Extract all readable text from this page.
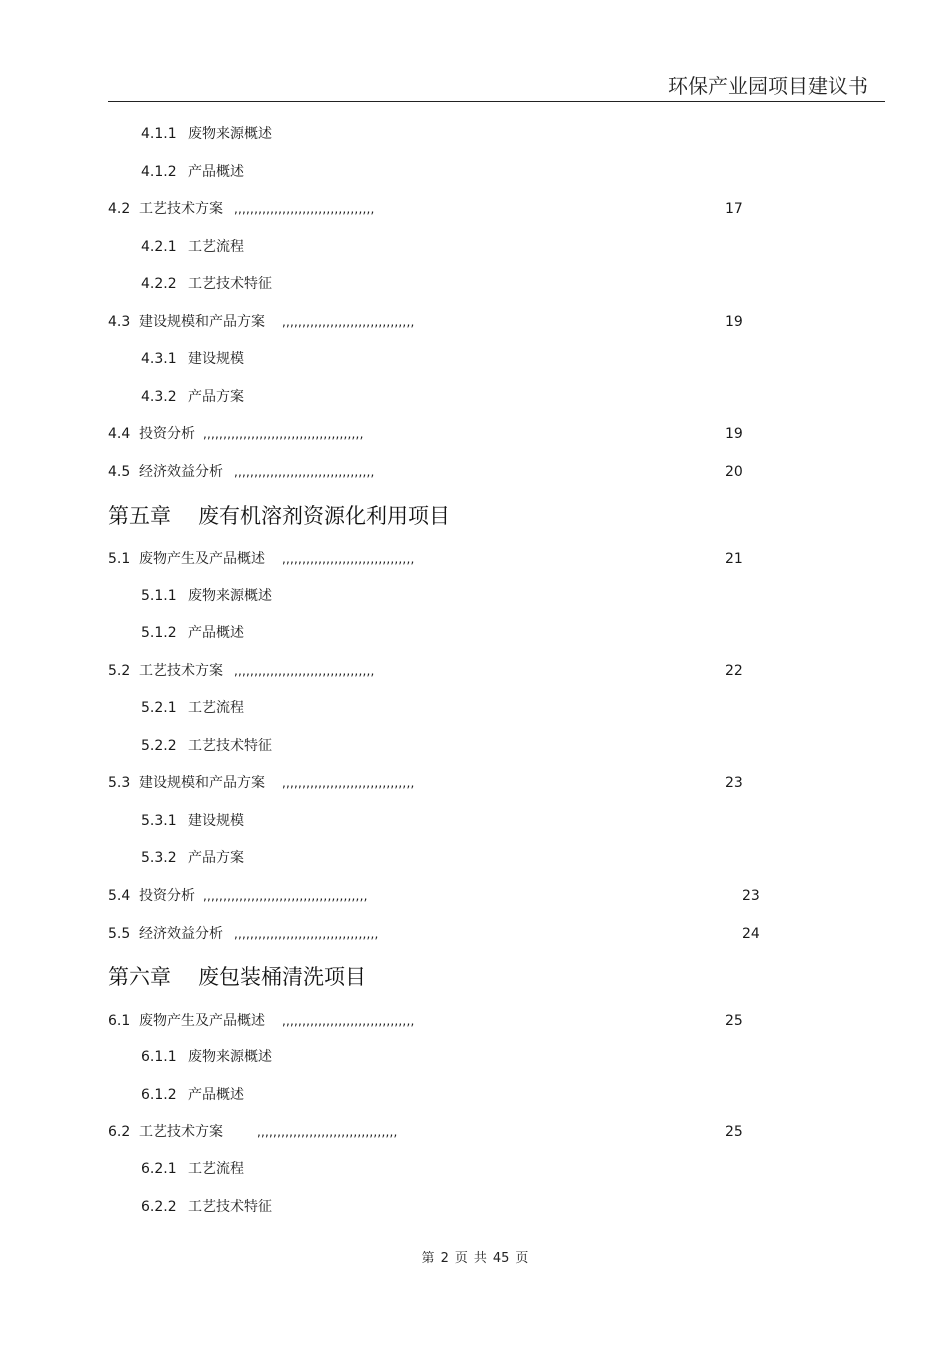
环保产业园项目建议书
4.1.1 废物来源概述
4.1.2 产品概述
4.2 工艺技术方案 ,,,,,,,,,,,,,,,,,,,,,,,,,,,,,,,,,,,	17
4.2.1 工艺流程
4.2.2 工艺技术特征
4.3 建设规模和产品方案 ,,,,,,,,,,,,,,,,,,,,,,,,,,,,,,,,,	19
4.3.1 建设规模
4.3.2 产品方案
4.4 投资分析 ,,,,,,,,,,,,,,,,,,,,,,,,,,,,,,,,,,,,,,,,	19
4.5 经济效益分析 ,,,,,,,,,,,,,,,,,,,,,,,,,,,,,,,,,,,	20
第五章 废有机溶剂资源化利用项目
5.1 废物产生及产品概述 ,,,,,,,,,,,,,,,,,,,,,,,,,,,,,,,,,	21
5.1.1 废物来源概述
5.1.2 产品概述
5.2 工艺技术方案 ,,,,,,,,,,,,,,,,,,,,,,,,,,,,,,,,,,,	22
5.2.1 工艺流程
5.2.2 工艺技术特征
5.3 建设规模和产品方案 ,,,,,,,,,,,,,,,,,,,,,,,,,,,,,,,,,	23
5.3.1 建设规模
5.3.2 产品方案
5.4 投资分析 ,,,,,,,,,,,,,,,,,,,,,,,,,,,,,,,,,,,,,,,,,	23
5.5 经济效益分析 ,,,,,,,,,,,,,,,,,,,,,,,,,,,,,,,,,,,,	24
第六章 废包装桶清洗项目
6.1 废物产生及产品概述 ,,,,,,,,,,,,,,,,,,,,,,,,,,,,,,,,,	25
6.1.1 废物来源概述
6.1.2 产品概述
6.2 工艺技术方案	,,,,,,,,,,,,,,,,,,,,,,,,,,,,,,,,,,,	25
6.2.1 工艺流程
6.2.2 工艺技术特征
第 2 页 共 45 页
